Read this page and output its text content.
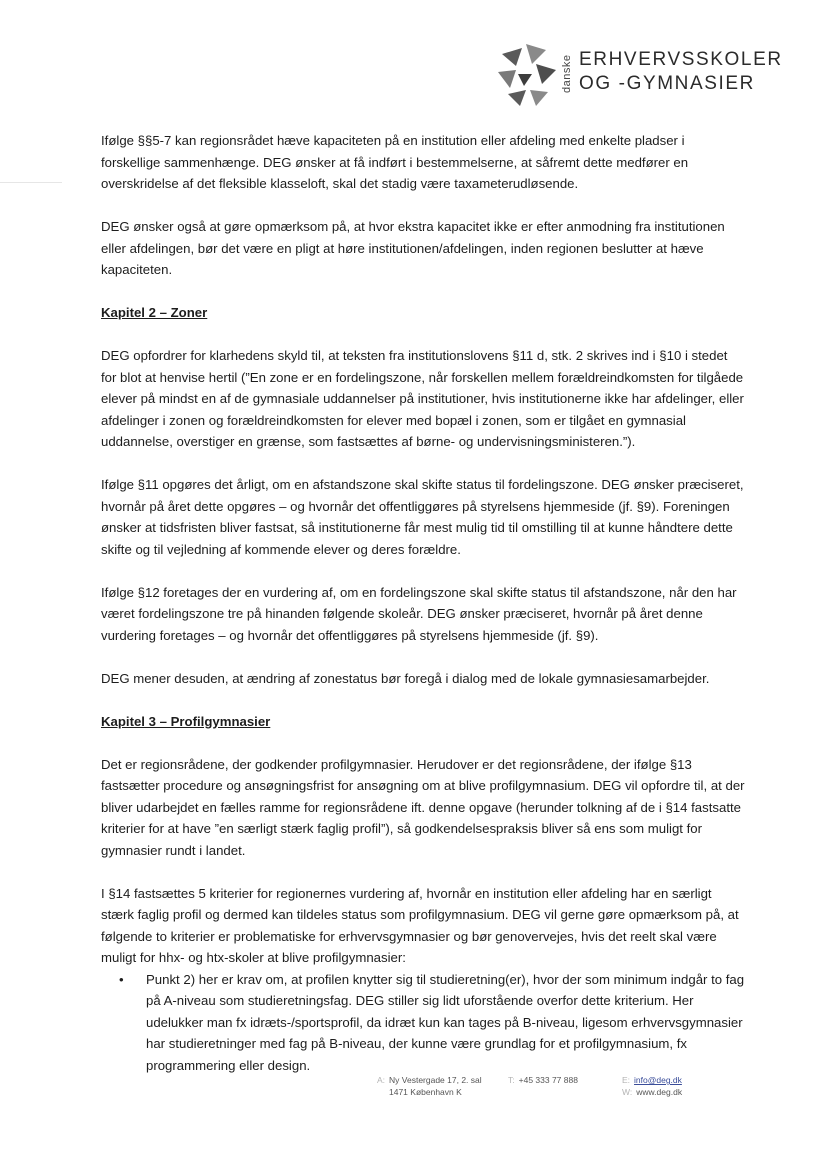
danske ERHVERVSSKOLER
OG -GYMNASIER

Ifølge §§5-7 kan regionsrådet hæve kapaciteten på en institution eller afdeling med enkelte pladser i forskellige sammenhænge. DEG ønsker at få indført i bestemmelserne, at såfremt dette medfører en overskridelse af det fleksible klasseloft, skal det stadig være taxameterudløsende.

DEG ønsker også at gøre opmærksom på, at hvor ekstra kapacitet ikke er efter anmodning fra institutionen eller afdelingen, bør det være en pligt at høre institutionen/afdelingen, inden regionen beslutter at hæve kapaciteten.

Kapitel 2 – Zoner

DEG opfordrer for klarhedens skyld til, at teksten fra institutionslovens §11 d, stk. 2 skrives ind i §10 i stedet for blot at henvise hertil (”En zone er en fordelingszone, når forskellen mellem forældreindkomsten for tilgåede elever på mindst en af de gymnasiale uddannelser på institutioner, hvis institutionerne ikke har afdelinger, eller afdelinger i zonen og forældreindkomsten for elever med bopæl i zonen, som er tilgået en gymnasial uddannelse, overstiger en grænse, som fastsættes af børne- og undervisningsministeren.”).

Ifølge §11 opgøres det årligt, om en afstandszone skal skifte status til fordelingszone. DEG ønsker præciseret, hvornår på året dette opgøres – og hvornår det offentliggøres på styrelsens hjemmeside (jf. §9). Foreningen ønsker at tidsfristen bliver fastsat, så institutionerne får mest mulig tid til omstilling til at kunne håndtere dette skifte og til vejledning af kommende elever og deres forældre.

Ifølge §12 foretages der en vurdering af, om en fordelingszone skal skifte status til afstandszone, når den har været fordelingszone tre på hinanden følgende skoleår. DEG ønsker præciseret, hvornår på året denne vurdering foretages – og hvornår det offentliggøres på styrelsens hjemmeside (jf. §9).

DEG mener desuden, at ændring af zonestatus bør foregå i dialog med de lokale gymnasiesamarbejder.

Kapitel 3 – Profilgymnasier

Det er regionsrådene, der godkender profilgymnasier. Herudover er det regionsrådene, der ifølge §13 fastsætter procedure og ansøgningsfrist for ansøgning om at blive profilgymnasium. DEG vil opfordre til, at der bliver udarbejdet en fælles ramme for regionsrådene ift. denne opgave (herunder tolkning af de i §14 fastsatte kriterier for at have ”en særligt stærk faglig profil”), så godkendelsespraksis bliver så ens som muligt for gymnasier rundt i landet.

I §14 fastsættes 5 kriterier for regionernes vurdering af, hvornår en institution eller afdeling har en særligt stærk faglig profil og dermed kan tildeles status som profilgymnasium. DEG vil gerne gøre opmærksom på, at følgende to kriterier er problematiske for erhvervsgymnasier og bør genovervejes, hvis det reelt skal være muligt for hhx- og htx-skoler at blive profilgymnasier:

• Punkt 2) her er krav om, at profilen knytter sig til studieretning(er), hvor der som minimum indgår to fag på A-niveau som studieretningsfag. DEG stiller sig lidt uforstående overfor dette kriterium. Her udelukker man fx idræts-/sportsprofil, da idræt kun kan tages på B-niveau, ligesom erhvervsgymnasier har studieretninger med fag på B-niveau, der kunne være grundlag for et profilgymnasium, fx programmering eller design.
A: Ny Vestergade 17, 2. sal
1471 København K
T: +45 333 77 888	E: info@deg.dk
W: www.deg.dk
